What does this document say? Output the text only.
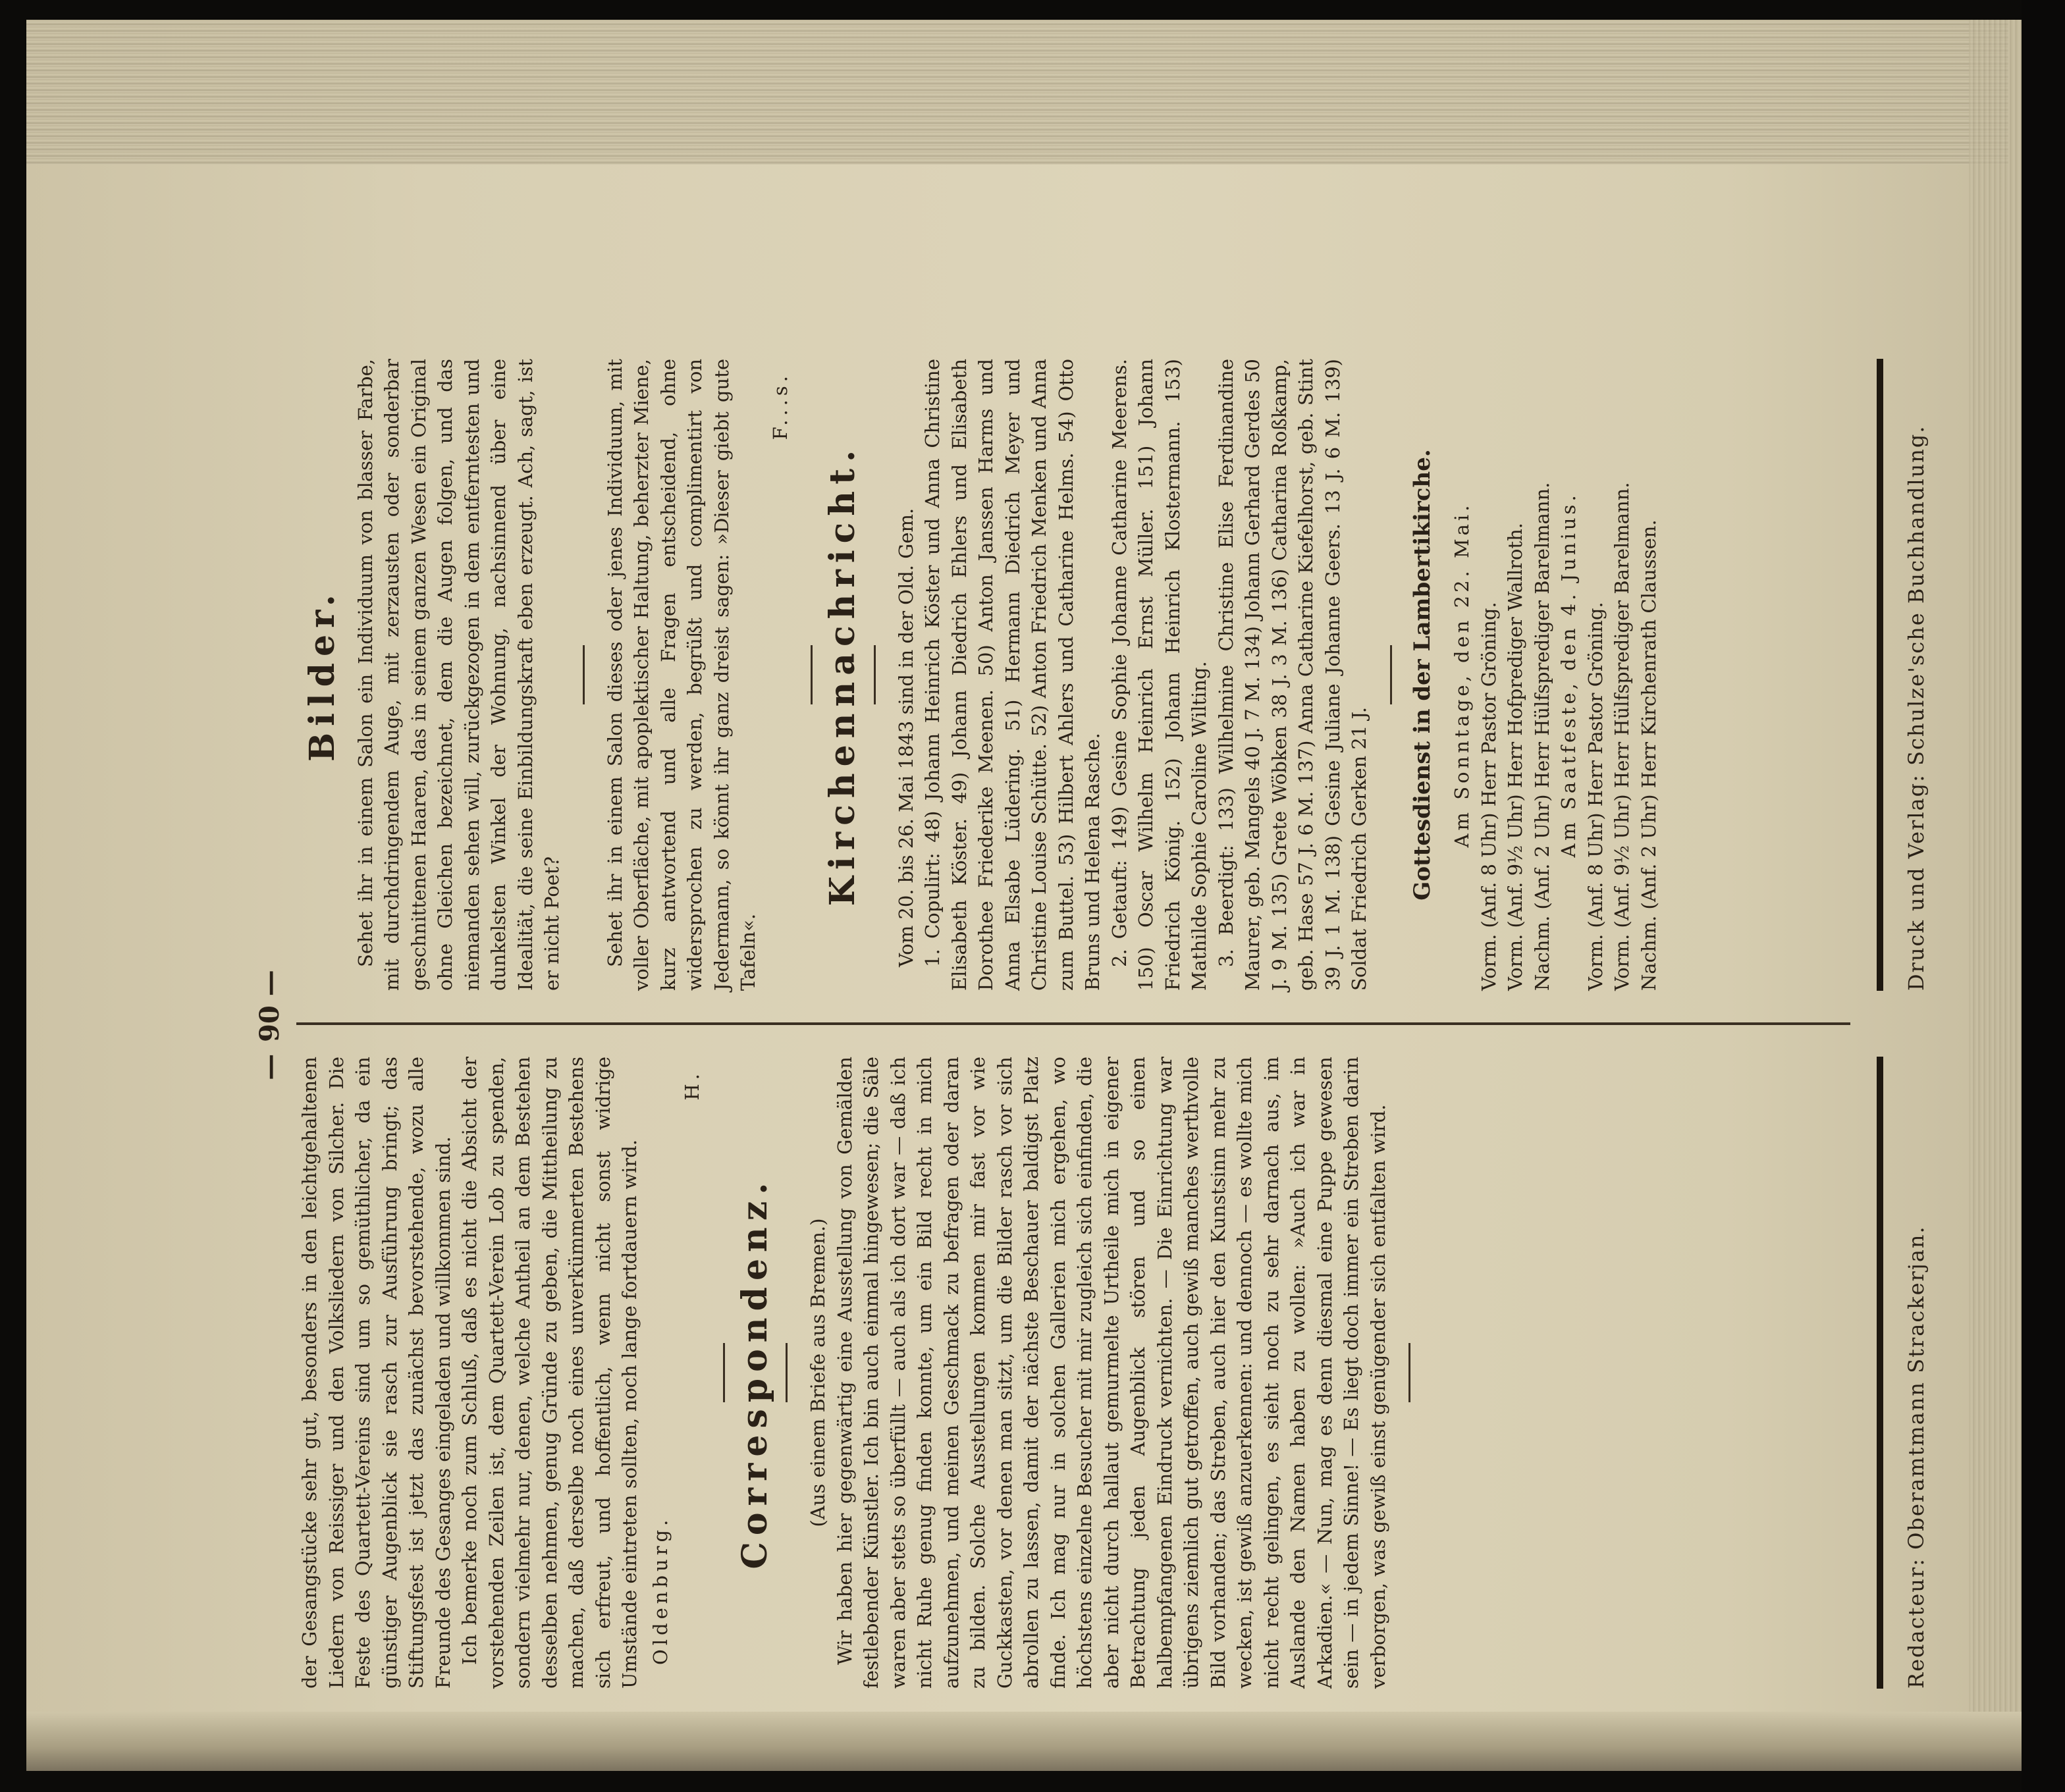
— 90 —

der Gesangstücke sehr gut, besonders in den leichtgehaltenen Liedern von Reissiger und den Volksliedern von Silcher. Die Feste des Quartett-Vereins sind um so gemüthlicher, da ein günstiger Augenblick sie rasch zur Ausführung bringt; das Stiftungsfest ist jetzt das zunächst bevorstehende, wozu alle Freunde des Gesanges eingeladen und willkommen sind. Ich bemerke noch zum Schluß, daß es nicht die Absicht der vorstehenden Zeilen ist, dem Quartett-Verein Lob zu spenden, sondern vielmehr nur, denen, welche Antheil an dem Bestehen desselben nehmen, genug Gründe zu geben, die Mittheilung zu machen, daß derselbe noch eines unverkümmerten Bestehens sich erfreut, und hoffentlich, wenn nicht sonst widrige Umstände eintreten sollten, noch lange fortdauern wird. Oldenburg.

H.

Correspondenz. (Aus einem Briefe aus Bremen.) Wir haben hier gegenwärtig eine Ausstellung von Gemälden festlebender Künstler. Ich bin auch einmal hingewesen; die Säle waren aber stets so überfüllt — auch als ich dort war — daß ich nicht Ruhe genug finden konnte, um ein Bild recht in mich aufzunehmen, und meinen Geschmack zu befragen oder daran zu bilden. Solche Ausstellungen kommen mir fast vor wie Guckkasten, vor denen man sitzt, um die Bilder rasch vor sich abrollen zu lassen, damit der nächste Beschauer baldigst Platz finde. Ich mag nur in solchen Gallerien mich ergehen, wo höchstens einzelne Besucher mit mir zugleich sich einfinden, die aber nicht durch hallaut gemurmelte Urtheile mich in eigener Betrachtung jeden Augenblick stören und so einen halbempfangenen Eindruck vernichten. — Die Einrichtung war übrigens ziemlich gut getroffen, auch gewiß manches werthvolle Bild vorhanden; das Streben, auch hier den Kunstsinn mehr zu wecken, ist gewiß anzuerkennen: und dennoch — es wollte mich nicht recht gelingen, es sieht noch zu sehr darnach aus, im Auslande den Namen haben zu wollen: »Auch ich war in Arkadien.« — Nun, mag es denn diesmal eine Puppe gewesen sein — in jedem Sinne! — Es liegt doch immer ein Streben darin verborgen, was gewiß einst genügender sich entfalten wird.

Bilder. Sehet ihr in einem Salon ein Individuum von blasser Farbe, mit durchdringendem Auge, mit zerzausten oder sonderbar geschnittenen Haaren, das in seinem ganzen Wesen ein Original ohne Gleichen bezeichnet, dem die Augen folgen, und das niemanden sehen will, zurückgezogen in dem entferntesten und dunkelsten Winkel der Wohnung, nachsinnend über eine Idealität, die seine Einbildungskraft eben erzeugt. Ach, sagt, ist er nicht Poet? Sehet ihr in einem Salon dieses oder jenes Individuum, mit voller Oberfläche, mit apoplektischer Haltung, beherzter Miene, kurz antwortend und alle Fragen entscheidend, ohne widersprochen zu werden, begrüßt und complimentirt von Jedermann, so könnt ihr ganz dreist sagen: »Dieser giebt gute Tafeln«.

F...s.

Kirchennachricht. Vom 20. bis 26. Mai 1843 sind in der Old. Gem. 1. Copulirt: 48) Johann Heinrich Köster und Anna Christine Elisabeth Köster. 49) Johann Diedrich Ehlers und Elisabeth Dorothee Friederike Meenen. 50) Anton Janssen Harms und Anna Elsabe Lüdering. 51) Hermann Diedrich Meyer und Christine Louise Schütte. 52) Anton Friedrich Menken und Anna zum Buttel. 53) Hilbert Ahlers und Catharine Helms. 54) Otto Bruns und Helena Rasche. 2. Getauft: 149) Gesine Sophie Johanne Catharine Meerens. 150) Oscar Wilhelm Heinrich Ernst Müller. 151) Johann Friedrich König. 152) Johann Heinrich Klostermann. 153) Mathilde Sophie Caroline Wilting. 3. Beerdigt: 133) Wilhelmine Christine Elise Ferdinandine Maurer, geb. Mangels 40 J. 7 M. 134) Johann Gerhard Gerdes 50 J. 9 M. 135) Grete Wöbken 38 J. 3 M. 136) Catharina Roßkamp, geb. Hase 57 J. 6 M. 137) Anna Catharine Kiefelhorst, geb. Stint 39 J. 1 M. 138) Gesine Juliane Johanne Geers. 13 J. 6 M. 139) Soldat Friedrich Gerken 21 J. Gottesdienst in der Lambertikirche. Am Sonntage, den 22. Mai. Vorm. (Anf. 8 Uhr) Herr Pastor Gröning. Vorm. (Anf. 9½ Uhr) Herr Hofprediger Wallroth. Nachm. (Anf. 2 Uhr) Herr Hülfsprediger Barelmann. Am Saatfeste, den 4. Junius. Vorm. (Anf. 8 Uhr) Herr Pastor Gröning. Vorm. (Anf. 9½ Uhr) Herr Hülfsprediger Barelmann. Nachm. (Anf. 2 Uhr) Herr Kirchenrath Claussen.

Redacteur: Oberamtmann Strackerjan.
Druck und Verlag: Schulze'sche Buchhandlung.
